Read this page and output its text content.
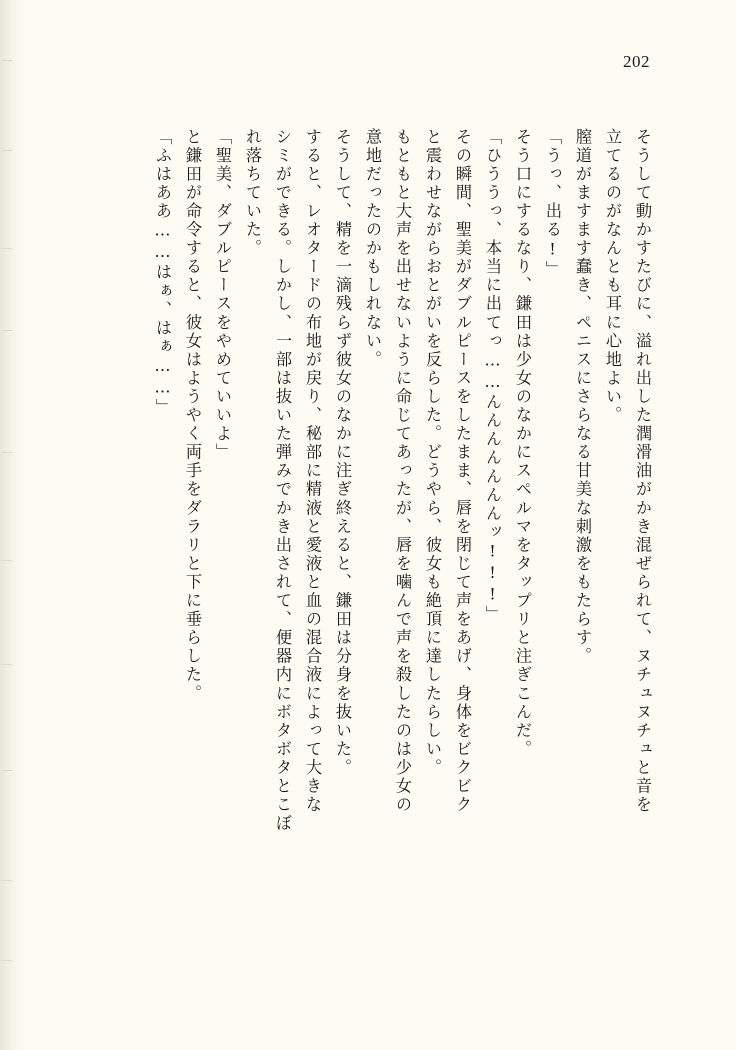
202
そうして動かすたびに、溢れ出した潤滑油がかき混ぜられて、ヌチュヌチュと音を
立てるのがなんとも耳に心地よい。
膣道がますます蠢き、ペニスにさらなる甘美な刺激をもたらす。
「うっ、出る!」
そう口にするなり、鎌田は少女のなかにスペルマをタップリと注ぎこんだ。
「ひううっ、本当に出てっ……んんんんんんんッ!!!」
その瞬間、聖美がダブルピースをしたまま、唇を閉じて声をあげ、身体をビクビク
と震わせながらおとがいを反らした。どうやら、彼女も絶頂に達したらしい。
もともと大声を出せないように命じてあったが、唇を噛んで声を殺したのは少女の
意地だったのかもしれない。
そうして、精を一滴残らず彼女のなかに注ぎ終えると、鎌田は分身を抜いた。
すると、レオタードの布地が戻り、秘部に精液と愛液と血の混合液によって大きな
シミができる。しかし、一部は抜いた弾みでかき出されて、便器内にボタボタとこぼ
れ落ちていた。
「聖美、ダブルピースをやめていいよ」
と鎌田が命令すると、彼女はようやく両手をダラリと下に垂らした。
「ふはああ……はぁ、はぁ……」
